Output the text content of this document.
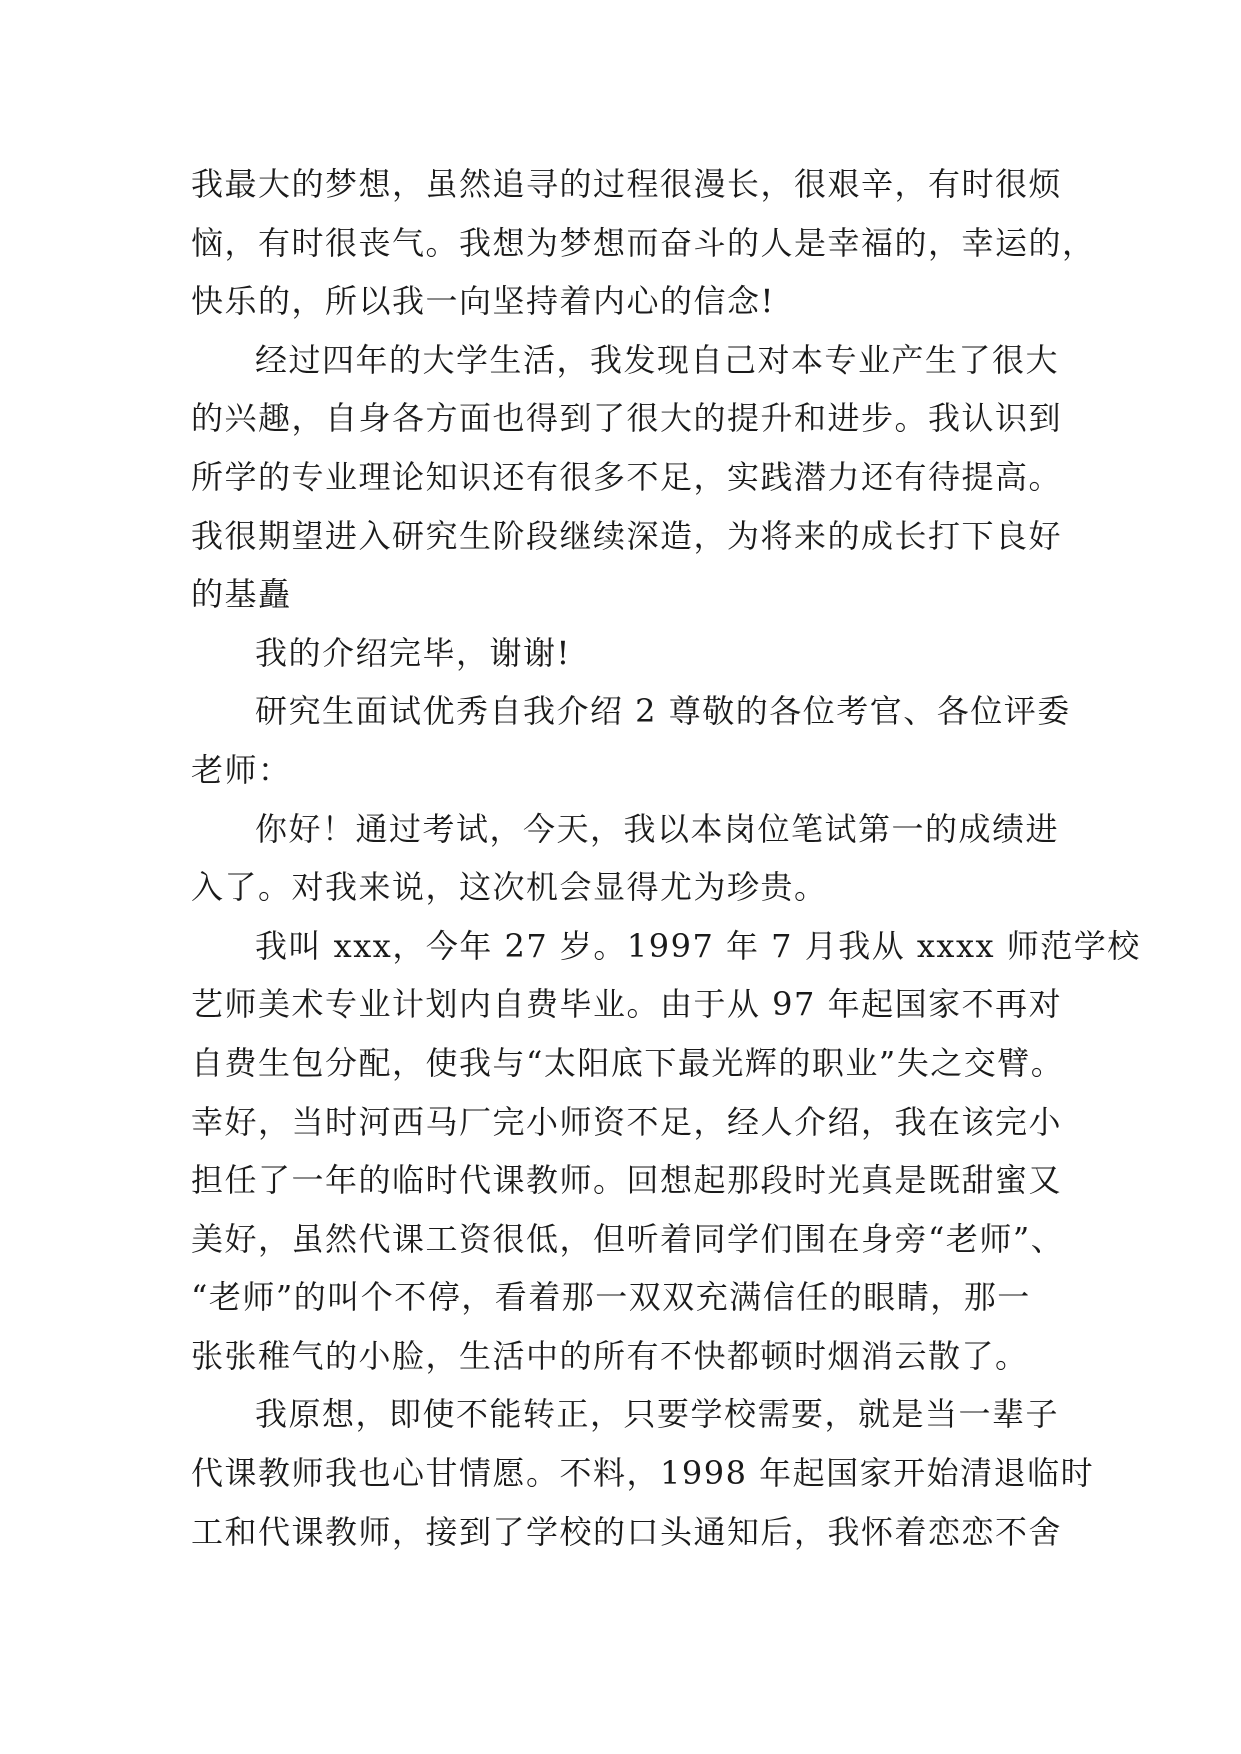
我最大的梦想，虽然追寻的过程很漫长，很艰辛，有时很烦
恼，有时很丧气。我想为梦想而奋斗的人是幸福的，幸运的，
快乐的，所以我一向坚持着内心的信念!
经过四年的大学生活，我发现自己对本专业产生了很大
的兴趣，自身各方面也得到了很大的提升和进步。我认识到
所学的专业理论知识还有很多不足，实践潜力还有待提高。
我很期望进入研究生阶段继续深造，为将来的成长打下良好
的基矗
我的介绍完毕，谢谢!
研究生面试优秀自我介绍 2 尊敬的各位考官、各位评委
老师：
你好！通过考试，今天，我以本岗位笔试第一的成绩进
入了。对我来说，这次机会显得尤为珍贵。
我叫 xxx，今年 27 岁。1997 年 7 月我从 xxxx 师范学校
艺师美术专业计划内自费毕业。由于从 97 年起国家不再对
自费生包分配，使我与“太阳底下最光辉的职业”失之交臂。
幸好，当时河西马厂完小师资不足，经人介绍，我在该完小
担任了一年的临时代课教师。回想起那段时光真是既甜蜜又
美好，虽然代课工资很低，但听着同学们围在身旁“老师”、
“老师”的叫个不停，看着那一双双充满信任的眼睛，那一
张张稚气的小脸，生活中的所有不快都顿时烟消云散了。
我原想，即使不能转正，只要学校需要，就是当一辈子
代课教师我也心甘情愿。不料，1998 年起国家开始清退临时
工和代课教师，接到了学校的口头通知后，我怀着恋恋不舍
